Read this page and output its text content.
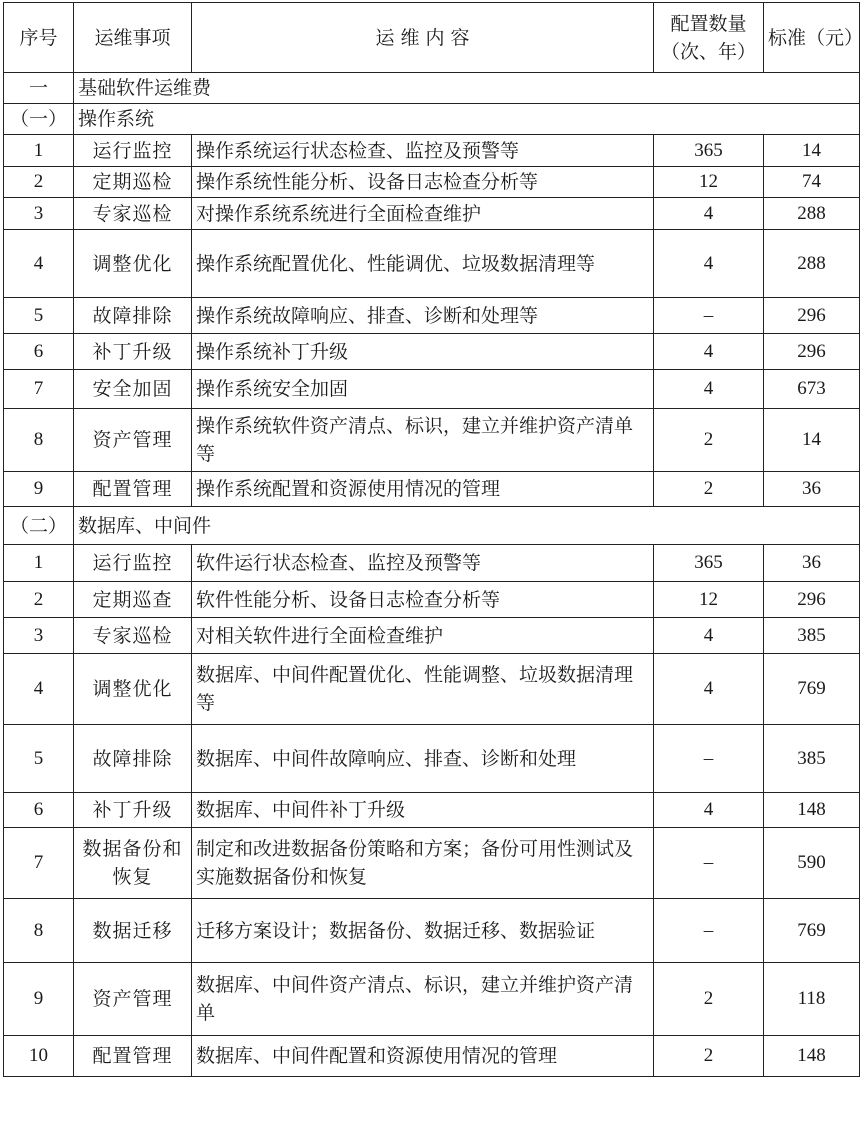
序号	运维事项	运 维 内 容	配置数量（次、年）	标准（元）
一	基础软件运维费			
（一）	操作系统			
1	运行监控	操作系统运行状态检查、监控及预警等	365	14
2	定期巡检	操作系统性能分析、设备日志检查分析等	12	74
3	专家巡检	对操作系统系统进行全面检查维护	4	288
4	调整优化	操作系统配置优化、性能调优、垃圾数据清理等	4	288
5	故障排除	操作系统故障响应、排查、诊断和处理等	–	296
6	补丁升级	操作系统补丁升级	4	296
7	安全加固	操作系统安全加固	4	673
8	资产管理	操作系统软件资产清点、标识，建立并维护资产清单等	2	14
9	配置管理	操作系统配置和资源使用情况的管理	2	36
（二）	数据库、中间件			
1	运行监控	软件运行状态检查、监控及预警等	365	36
2	定期巡查	软件性能分析、设备日志检查分析等	12	296
3	专家巡检	对相关软件进行全面检查维护	4	385
4	调整优化	数据库、中间件配置优化、性能调整、垃圾数据清理等	4	769
5	故障排除	数据库、中间件故障响应、排查、诊断和处理	–	385
6	补丁升级	数据库、中间件补丁升级	4	148
7	数据备份和恢复	制定和改进数据备份策略和方案；备份可用性测试及实施数据备份和恢复	–	590
8	数据迁移	迁移方案设计；数据备份、数据迁移、数据验证	–	769
9	资产管理	数据库、中间件资产清点、标识，建立并维护资产清单	2	118
10	配置管理	数据库、中间件配置和资源使用情况的管理	2	148
